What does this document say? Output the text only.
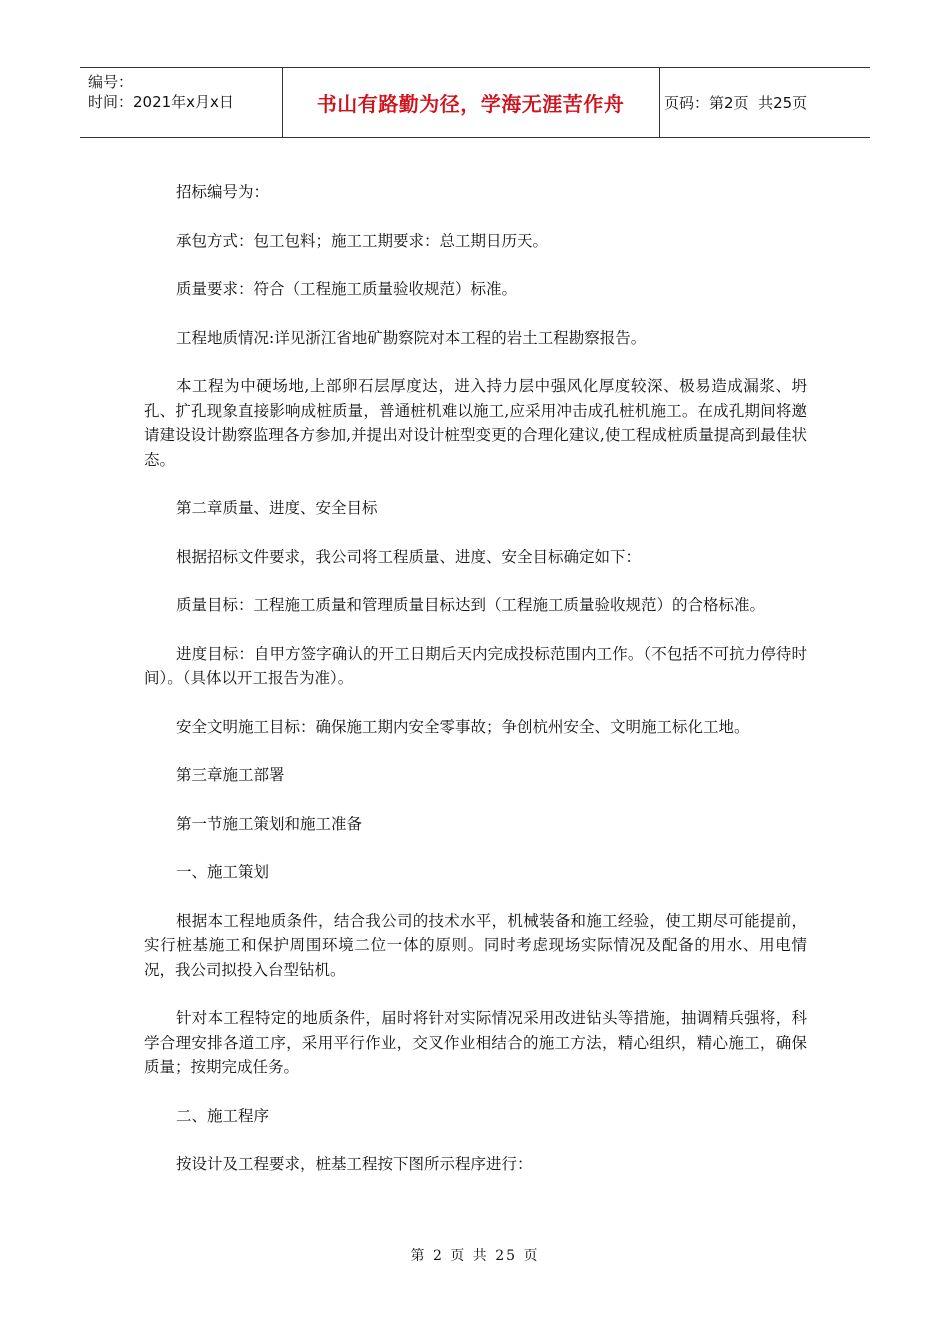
编号：
时间：2021年x月x日	书山有路勤为径，学海无涯苦作舟	页码：第2页  共25页

招标编号为：

承包方式：包工包料；施工工期要求：总工期日历天。

质量要求：符合（工程施工质量验收规范）标准。

工程地质情况:详见浙江省地矿勘察院对本工程的岩土工程勘察报告。

本工程为中硬场地,上部卵石层厚度达，进入持力层中强风化厚度较深、极易造成漏浆、坍孔、扩孔现象直接影响成桩质量，普通桩机难以施工,应采用冲击成孔桩机施工。在成孔期间将邀请建设设计勘察监理各方参加,并提出对设计桩型变更的合理化建议,使工程成桩质量提高到最佳状态。

第二章质量、进度、安全目标

根据招标文件要求，我公司将工程质量、进度、安全目标确定如下：

质量目标：工程施工质量和管理质量目标达到（工程施工质量验收规范）的合格标准。

进度目标：自甲方签字确认的开工日期后天内完成投标范围内工作。（不包括不可抗力停待时间）。（具体以开工报告为准）。

安全文明施工目标：确保施工期内安全零事故；争创杭州安全、文明施工标化工地。

第三章施工部署

第一节施工策划和施工准备

一、施工策划

根据本工程地质条件，结合我公司的技术水平，机械装备和施工经验，使工期尽可能提前，实行桩基施工和保护周围环境二位一体的原则。同时考虑现场实际情况及配备的用水、用电情况，我公司拟投入台型钻机。

针对本工程特定的地质条件，届时将针对实际情况采用改进钻头等措施，抽调精兵强将，科学合理安排各道工序，采用平行作业，交叉作业相结合的施工方法，精心组织，精心施工，确保质量；按期完成任务。

二、施工程序

按设计及工程要求，桩基工程按下图所示程序进行：

第 2 页 共 25 页
